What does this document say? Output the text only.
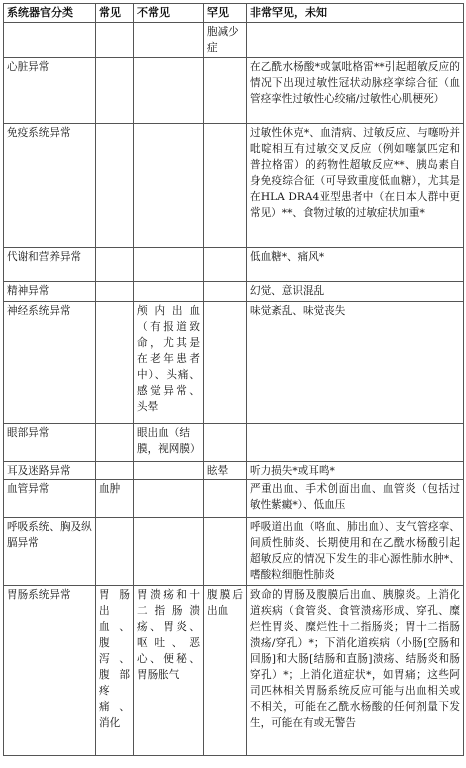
系统器官分类	常见	不常见	罕见	非常罕见，未知
			胞减少症	
心脏异常				在乙酰水杨酸*或氯吡格雷**引起超敏反应的情况下出现过敏性冠状动脉痉挛综合征（血管痉挛性过敏性心绞痛/过敏性心肌梗死）
免疫系统异常				过敏性休克*、血清病、过敏反应、与噻吩并吡啶相互有过敏交叉反应（例如噻氯匹定和普拉格雷）的药物性超敏反应**、胰岛素自身免疫综合征（可导致重度低血糖），尤其是在HLA DRA4亚型患者中（在日本人群中更常见）**、食物过敏的过敏症状加重*
代谢和营养异常				低血糖*、痛风*
精神异常				幻觉、意识混乱
神经系统异常		颅内出血（有报道致命，尤其是在老年患者中）、头痛、感觉异常、头晕		味觉紊乱、味觉丧失
眼部异常		眼出血（结膜，视网膜）		
耳及迷路异常			眩晕	听力损失*或耳鸣*
血管异常	血肿			严重出血、手术创面出血、血管炎（包括过敏性紫癜*）、低血压
呼吸系统、胸及纵膈异常				呼吸道出血（咯血、肺出血）、支气管痉挛、间质性肺炎、长期使用和在乙酰水杨酸引起超敏反应的情况下发生的非心源性肺水肿*、嗜酸粒细胞性肺炎
胃肠系统异常	胃肠出血、腹泻、腹部疼痛、消化	胃溃疡和十二指肠溃疡、胃炎、呕吐、恶心、便秘、胃肠胀气	腹膜后出血	致命的胃肠及腹膜后出血、胰腺炎。上消化道疾病（食管炎、食管溃疡形成、穿孔、糜烂性胃炎、糜烂性十二指肠炎；胃十二指肠溃疡/穿孔）*；下消化道疾病（小肠[空肠和回肠]和大肠[结肠和直肠]溃疡、结肠炎和肠穿孔）*；上消化道症状*，如胃痛；这些阿司匹林相关胃肠系统反应可能与出血相关或不相关，可能在乙酰水杨酸的任何剂量下发生，可能在有或无警告
